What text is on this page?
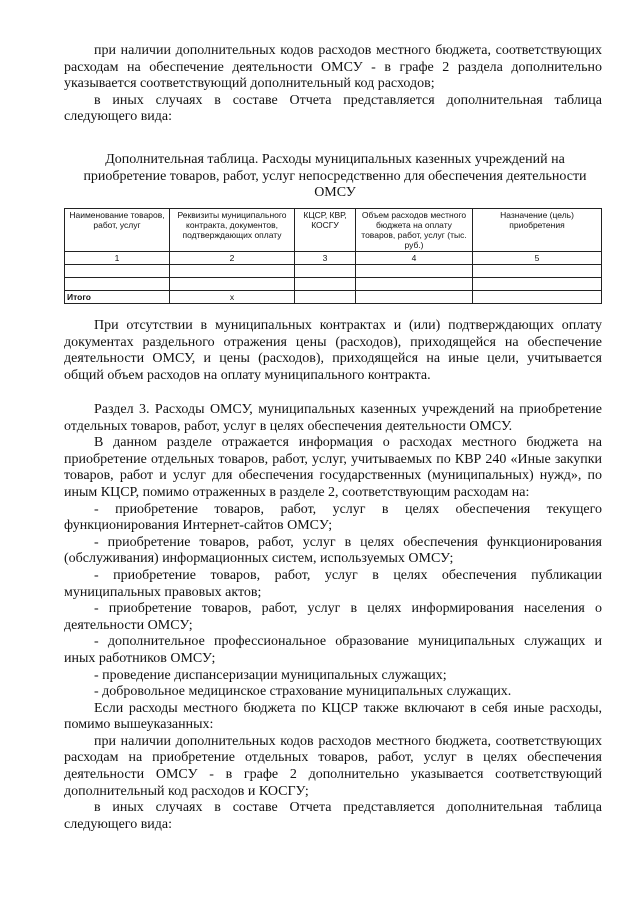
при наличии дополнительных кодов расходов местного бюджета, соответствующих расходам на обеспечение деятельности ОМСУ - в графе 2 раздела дополнительно указывается соответствующий дополнительный код расходов;

в иных случаях в составе Отчета представляется дополнительная таблица следующего вида:

Дополнительная таблица. Расходы муниципальных казенных учреждений на приобретение товаров, работ, услуг непосредственно для обеспечения деятельности ОМСУ
Наименование товаров, работ, услуг	Реквизиты муниципального контракта, документов, подтверждающих оплату	КЦСР, КВР, КОСГУ	Объем расходов местного бюджета на оплату товаров, работ, услуг (тыс. руб.)	Назначение (цель) приобретения
1	2	3	4	5

Итого	x			

При отсутствии в муниципальных контрактах и (или) подтверждающих оплату документах раздельного отражения цены (расходов), приходящейся на обеспечение деятельности ОМСУ, и цены (расходов), приходящейся на иные цели, учитывается общий объем расходов на оплату муниципального контракта.

Раздел 3. Расходы ОМСУ, муниципальных казенных учреждений на приобретение отдельных товаров, работ, услуг в целях обеспечения деятельности ОМСУ.

В данном разделе отражается информация о расходах местного бюджета на приобретение отдельных товаров, работ, услуг, учитываемых по КВР 240 «Иные закупки товаров, работ и услуг для обеспечения государственных (муниципальных) нужд», по иным КЦСР, помимо отраженных в разделе 2, соответствующим расходам на:

- приобретение товаров, работ, услуг в целях обеспечения текущего функционирования Интернет-сайтов ОМСУ;

- приобретение товаров, работ, услуг в целях обеспечения функционирования (обслуживания) информационных систем, используемых ОМСУ;

- приобретение товаров, работ, услуг в целях обеспечения публикации муниципальных правовых актов;

- приобретение товаров, работ, услуг в целях информирования населения о деятельности ОМСУ;

- дополнительное профессиональное образование муниципальных служащих и иных работников ОМСУ;

- проведение диспансеризации муниципальных служащих;

- добровольное медицинское страхование муниципальных служащих.

Если расходы местного бюджета по КЦСР также включают в себя иные расходы, помимо вышеуказанных:

при наличии дополнительных кодов расходов местного бюджета, соответствующих расходам на приобретение отдельных товаров, работ, услуг в целях обеспечения деятельности ОМСУ - в графе 2 дополнительно указывается соответствующий дополнительный код расходов и КОСГУ;

в иных случаях в составе Отчета представляется дополнительная таблица следующего вида:
